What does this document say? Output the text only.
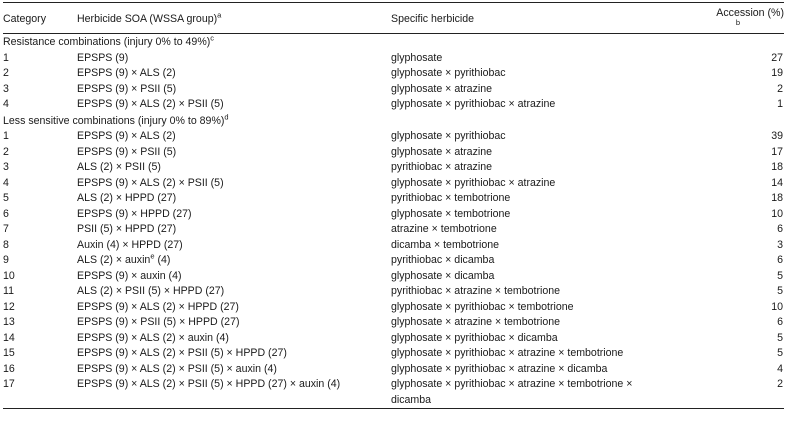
Category	Herbicide SOA (WSSA group)$^a$	Specific herbicide	Accession (%)
b

Resistance combinations (injury 0% to 49%)$^c$
1	EPSPS (9)	glyphosate	27
2	EPSPS (9) × ALS (2)	glyphosate × pyrithiobac	19
3	EPSPS (9) × PSII (5)	glyphosate × atrazine	2
4	EPSPS (9) × ALS (2) × PSII (5)	glyphosate × pyrithiobac × atrazine	1
Less sensitive combinations (injury 0% to 89%)$^d$
1	EPSPS (9) × ALS (2)	glyphosate × pyrithiobac	39
2	EPSPS (9) × PSII (5)	glyphosate × atrazine	17
3	ALS (2) × PSII (5)	pyrithiobac × atrazine	18
4	EPSPS (9) × ALS (2) × PSII (5)	glyphosate × pyrithiobac × atrazine	14
5	ALS (2) × HPPD (27)	pyrithiobac × tembotrione	18
6	EPSPS (9) × HPPD (27)	glyphosate × tembotrione	10
7	PSII (5) × HPPD (27)	atrazine × tembotrione	6
8	Auxin (4) × HPPD (27)	dicamba × tembotrione	3
9	ALS (2) × auxin$^e$ (4)	pyrithiobac × dicamba	6
10	EPSPS (9) × auxin (4)	glyphosate × dicamba	5
11	ALS (2) × PSII (5) × HPPD (27)	pyrithiobac × atrazine × tembotrione	5
12	EPSPS (9) × ALS (2) × HPPD (27)	glyphosate × pyrithiobac × tembotrione	10
13	EPSPS (9) × PSII (5) × HPPD (27)	glyphosate × atrazine × tembotrione	6
14	EPSPS (9) × ALS (2) × auxin (4)	glyphosate × pyrithiobac × dicamba	5
15	EPSPS (9) × ALS (2) × PSII (5) × HPPD (27)	glyphosate × pyrithiobac × atrazine × tembotrione	5
16	EPSPS (9) × ALS (2) × PSII (5) × auxin (4)	glyphosate × pyrithiobac × atrazine × dicamba	4
17	EPSPS (9) × ALS (2) × PSII (5) × HPPD (27) × auxin (4)	glyphosate × pyrithiobac × atrazine × tembotrione ×
dicamba	2
